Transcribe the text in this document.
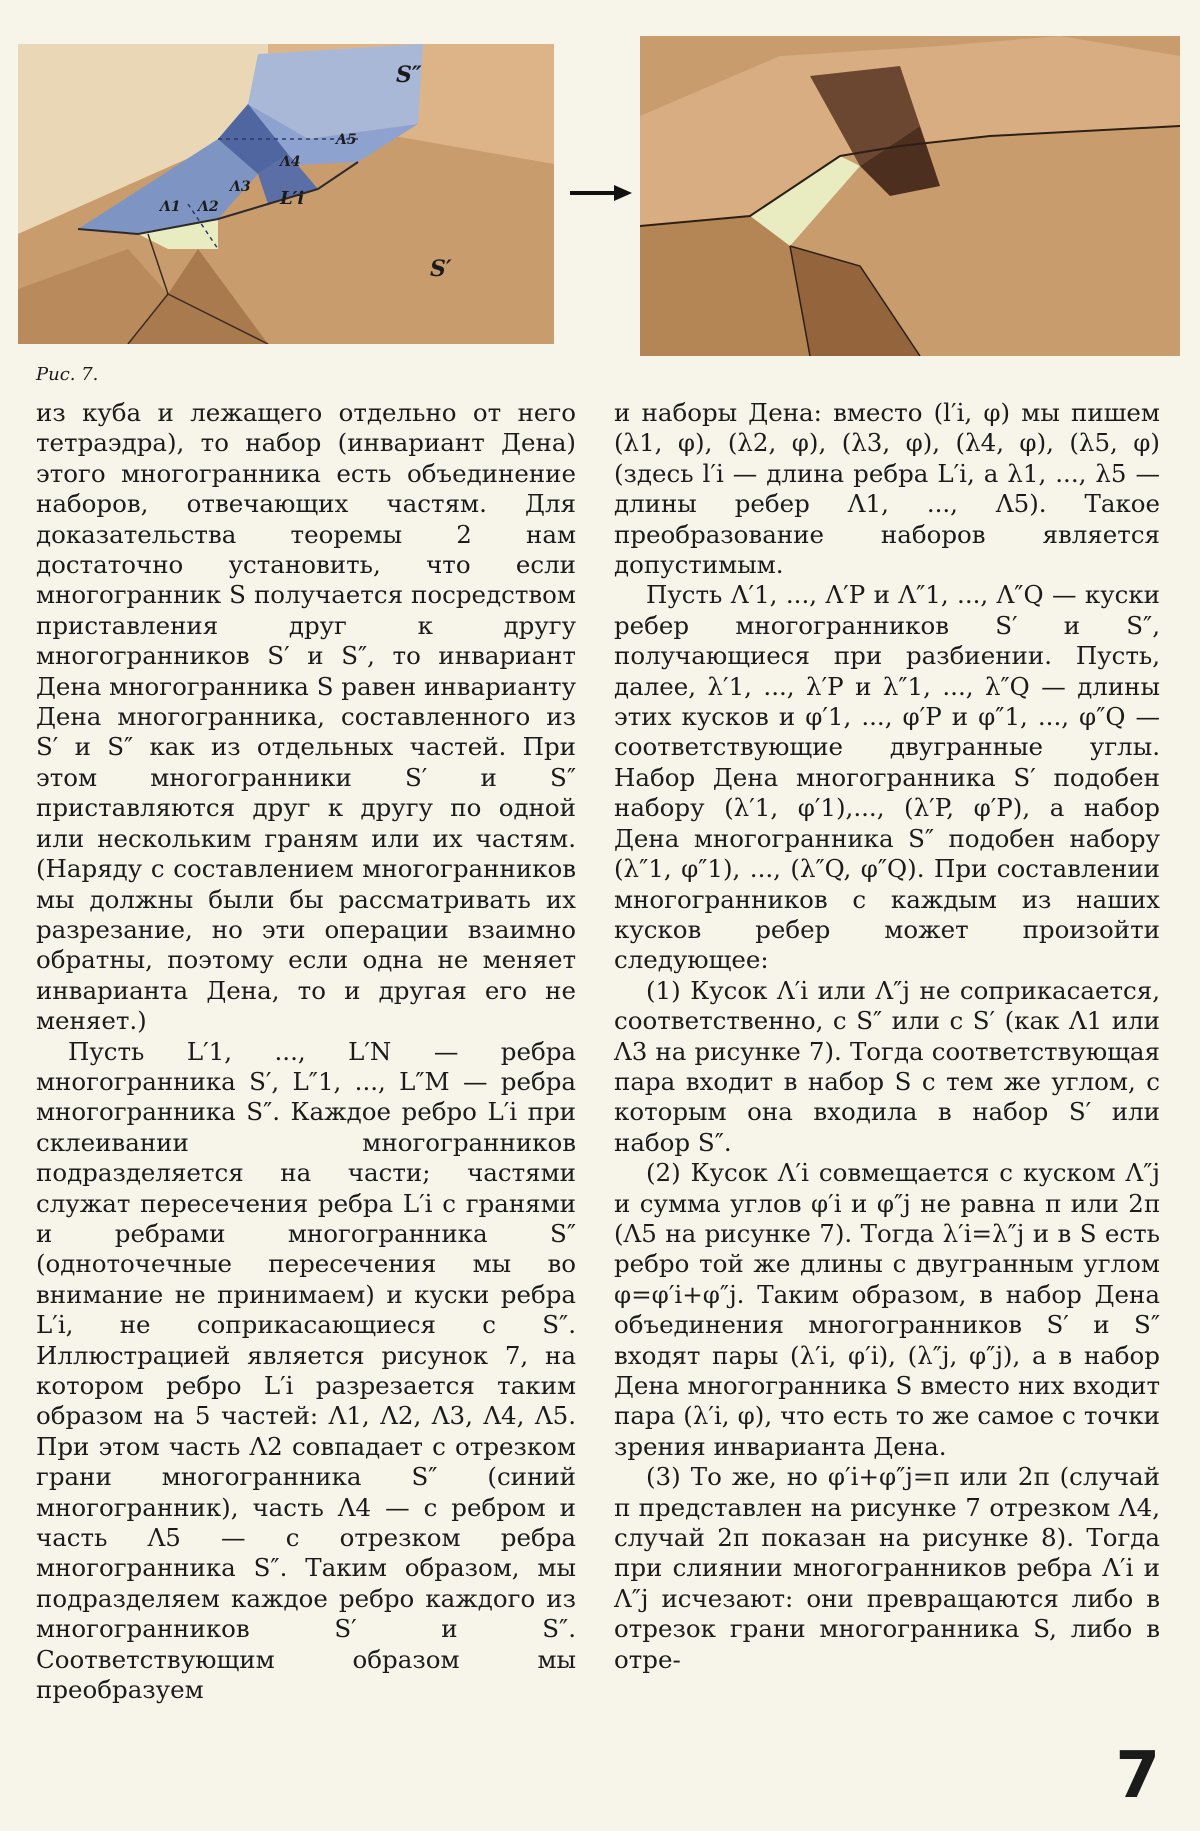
S″
S′
L′i
Λ1 Λ2
Λ3
Λ4
Λ5
Рис. 7.

из куба и лежащего отдельно от него тетраэдра), то набор (инвариант Дена) этого многогранника есть объединение наборов, отвечающих частям. Для доказательства теоремы 2 нам достаточно установить, что если многогранник S получается посредством приставления друг к другу многогранников S′ и S″, то инвариант Дена многогранника S равен инварианту Дена многогранника, составленного из S′ и S″ как из отдельных частей. При этом многогранники S′ и S″ приставляются друг к другу по одной или нескольким граням или их частям. (Наряду с составлением многогранников мы должны были бы рассматривать их разрезание, но эти операции взаимно обратны, поэтому если одна не меняет инварианта Дена, то и другая его не меняет.)

Пусть L′1, ..., L′N — ребра многогранника S′, L″1, ..., L″M — ребра многогранника S″. Каждое ребро L′i при склеивании многогранников подразделяется на части; частями служат пересечения ребра L′i с гранями и ребрами многогранника S″ (одноточечные пересечения мы во внимание не принимаем) и куски ребра L′i, не соприкасающиеся с S″. Иллюстрацией является рисунок 7, на котором ребро L′i разрезается таким образом на 5 частей: Λ1, Λ2, Λ3, Λ4, Λ5. При этом часть Λ2 совпадает с отрезком грани многогранника S″ (синий многогранник), часть Λ4 — с ребром и часть Λ5 — с отрезком ребра многогранника S″. Таким образом, мы подразделяем каждое ребро каждого из многогранников S′ и S″. Соответствующим образом мы преобразуем

и наборы Дена: вместо (l′i, φ) мы пишем (λ1, φ), (λ2, φ), (λ3, φ), (λ4, φ), (λ5, φ) (здесь l′i — длина ребра L′i, а λ1, ..., λ5 — длины ребер Λ1, ..., Λ5). Такое преобразование наборов является допустимым.

Пусть Λ′1, ..., Λ′P и Λ″1, ..., Λ″Q — куски ребер многогранников S′ и S″, получающиеся при разбиении. Пусть, далее, λ′1, ..., λ′P и λ″1, ..., λ″Q — длины этих кусков и φ′1, ..., φ′P и φ″1, ..., φ″Q — соответствующие двугранные углы. Набор Дена многогранника S′ подобен набору (λ′1, φ′1),..., (λ′P, φ′P), а набор Дена многогранника S″ подобен набору (λ″1, φ″1), ..., (λ″Q, φ″Q). При составлении многогранников с каждым из наших кусков ребер может произойти следующее:

(1) Кусок Λ′i или Λ″j не соприкасается, соответственно, с S″ или с S′ (как Λ1 или Λ3 на рисунке 7). Тогда соответствующая пара входит в набор S с тем же углом, с которым она входила в набор S′ или набор S″.

(2) Кусок Λ′i совмещается с куском Λ″j и сумма углов φ′i и φ″j не равна π или 2π (Λ5 на рисунке 7). Тогда λ′i=λ″j и в S есть ребро той же длины с двугранным углом φ=φ′i+φ″j. Таким образом, в набор Дена объединения многогранников S′ и S″ входят пары (λ′i, φ′i), (λ″j, φ″j), а в набор Дена многогранника S вместо них входит пара (λ′i, φ), что есть то же самое с точки зрения инварианта Дена.

(3) То же, но φ′i+φ″j=π или 2π (случай π представлен на рисунке 7 отрезком Λ4, случай 2π показан на рисунке 8). Тогда при слиянии многогранников ребра Λ′i и Λ″j исчезают: они превращаются либо в отрезок грани многогранника S, либо в отре-

7
